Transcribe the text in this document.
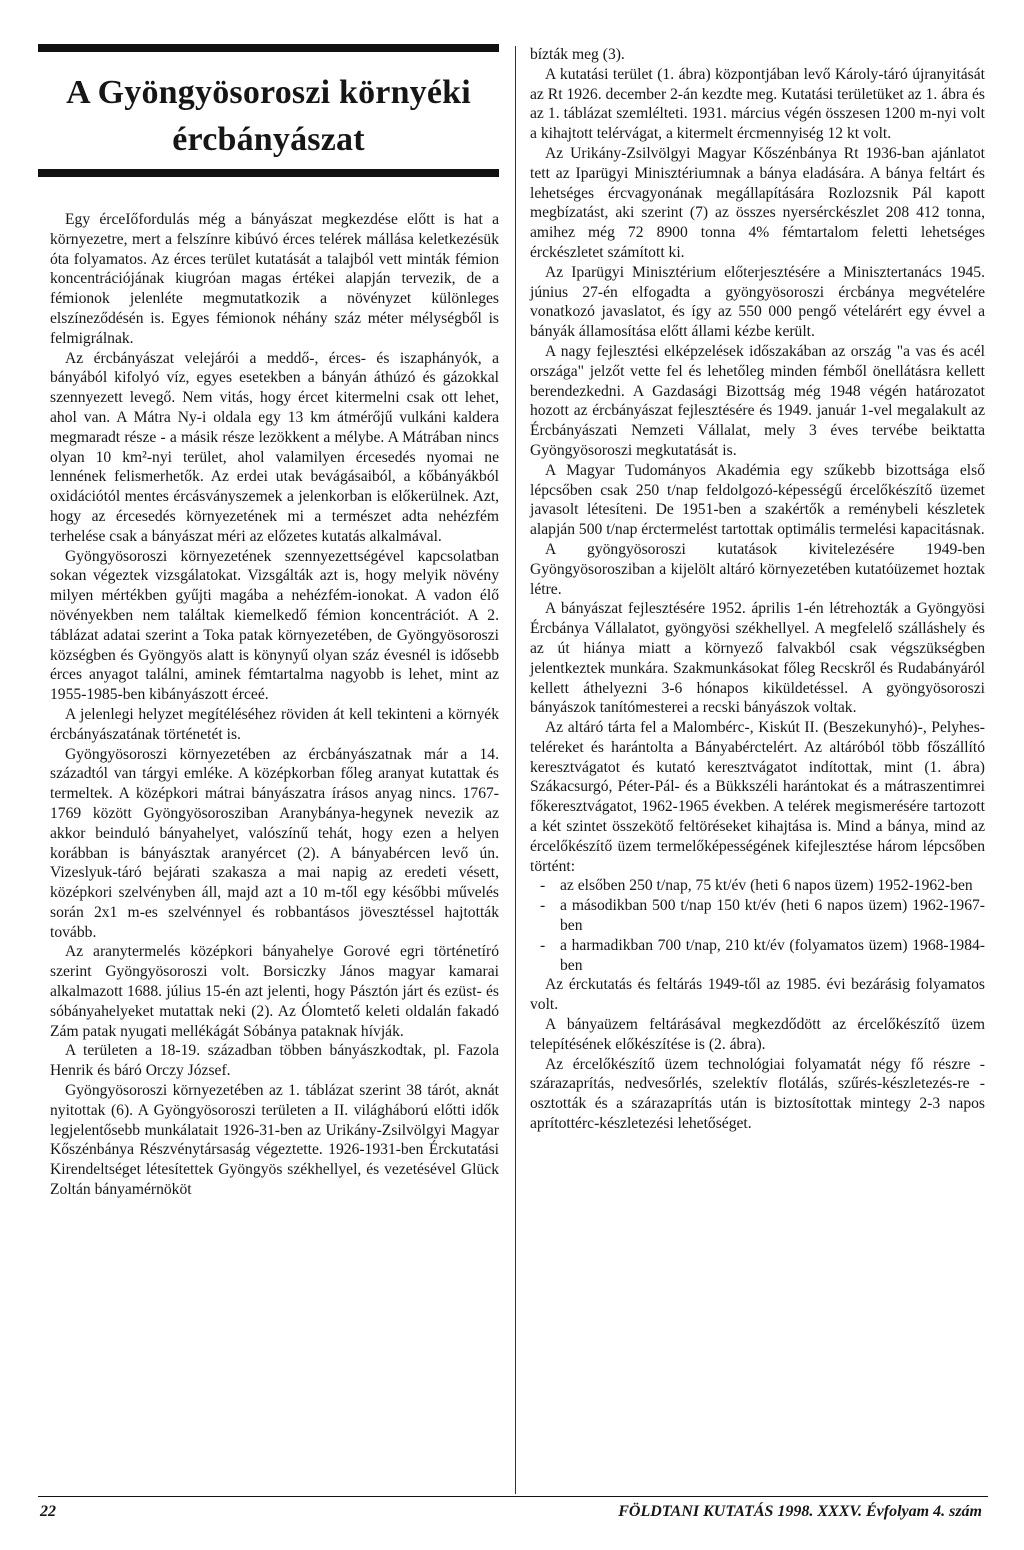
A Gyöngyösoroszi környéki
ércbányászat

Egy érceIőfordulás még a bányászat megkezdése előtt is hat a környezetre, mert a felszínre kibúvó érces telérek mállása keletkezésük óta folyamatos. Az érces terület kutatását a talajból vett minták fémion koncentrációjának kiugróan magas értékei alapján tervezik, de a fémionok jelenléte megmutatkozik a növényzet különleges elszíneződésén is. Egyes fémionok néhány száz méter mélységből is felmigrálnak.

Az ércbányászat velejárói a meddő-, érces- és iszaphányók, a bányából kifolyó víz, egyes esetekben a bányán áthúzó és gázokkal szennyezett levegő. Nem vitás, hogy ércet kitermelni csak ott lehet, ahol van. A Mátra Ny-i oldala egy 13 km átmérőjű vulkáni kaldera megmaradt része - a másik része lezökkent a mélybe. A Mátrában nincs olyan 10 km²-nyi terület, ahol valamilyen ércesedés nyomai ne lennének felismerhetők. Az erdei utak bevágásaiból, a kőbányákból oxidációtól mentes ércásványszemek a jelenkorban is előkerülnek. Azt, hogy az ércesedés környezetének mi a természet adta nehézfém terhelése csak a bányászat méri az előzetes kutatás alkalmával.

Gyöngyösoroszi környezetének szennyezettségével kapcsolatban sokan végeztek vizsgálatokat. Vizsgálták azt is, hogy melyik növény milyen mértékben gyűjti magába a nehézfém-ionokat. A vadon élő növényekben nem találtak kiemelkedő fémion koncentrációt. A 2. táblázat adatai szerint a Toka patak környezetében, de Gyöngyösoroszi községben és Gyöngyös alatt is könynyű olyan száz évesnél is idősebb érces anyagot találni, aminek fémtartalma nagyobb is lehet, mint az 1955-1985-ben kibányászott érceé.

A jelenlegi helyzet megítéléséhez röviden át kell tekinteni a környék ércbányászatának történetét is.

Gyöngyösoroszi környezetében az ércbányászatnak már a 14. századtól van tárgyi emléke. A középkorban főleg aranyat kutattak és termeltek. A középkori mátrai bányászatra írásos anyag nincs. 1767-1769 között Gyöngyösorosziban Aranybánya-hegynek nevezik az akkor beinduló bányahelyet, valószínű tehát, hogy ezen a helyen korábban is bányásztak aranyércet (2). A bányabércen levő ún. Vizeslyuk-táró bejárati szakasza a mai napig az eredeti vésett, középkori szelvényben áll, majd azt a 10 m-től egy későbbi művelés során 2x1 m-es szelvénnyel és robbantásos jövesztéssel hajtották tovább.

Az aranytermelés középkori bányahelye Gorové egri történetíró szerint Gyöngyösoroszi volt. Borsiczky János magyar kamarai alkalmazott 1688. július 15-én azt jelenti, hogy Pásztón járt és ezüst- és sóbányahelyeket mutattak neki (2). Az Ólomtető keleti oldalán fakadó Zám patak nyugati mellékágát Sóbánya pataknak hívják.

A területen a 18-19. században többen bányászkodtak, pl. Fazola Henrik és báró Orczy József.

Gyöngyösoroszi környezetében az 1. táblázat szerint 38 tárót, aknát nyitottak (6). A Gyöngyösoroszi területen a II. világháború előtti idők legjelentősebb munkálatait 1926-31-ben az Urikány-Zsilvölgyi Magyar Kőszénbánya Részvénytársaság végeztette. 1926-1931-ben Érckutatási Kirendeltséget létesítettek Gyöngyös székhellyel, és vezetésével Glück Zoltán bányamérnököt

bízták meg (3).

A kutatási terület (1. ábra) központjában levő Károly-táró újranyitását az Rt 1926. december 2-án kezdte meg. Kutatási területüket az 1. ábra és az 1. táblázat szemlélteti. 1931. március végén összesen 1200 m-nyi volt a kihajtott telérvágat, a kitermelt ércmennyiség 12 kt volt.

Az Urikány-Zsilvölgyi Magyar Kőszénbánya Rt 1936-ban ajánlatot tett az Iparügyi Minisztériumnak a bánya eladására. A bánya feltárt és lehetséges ércvagyonának megállapítására Rozlozsnik Pál kapott megbízatást, aki szerint (7) az összes nyersérckészlet 208 412 tonna, amihez még 72 8900 tonna 4% fémtartalom feletti lehetséges érckészletet számított ki.

Az Iparügyi Minisztérium előterjesztésére a Minisztertanács 1945. június 27-én elfogadta a gyöngyösoroszi ércbánya megvételére vonatkozó javaslatot, és így az 550 000 pengő vételárért egy évvel a bányák államosítása előtt állami kézbe került.

A nagy fejlesztési elképzelések időszakában az ország "a vas és acél országa" jelzőt vette fel és lehetőleg minden fémből önellátásra kellett berendezkedni. A Gazdasági Bizottság még 1948 végén határozatot hozott az ércbányászat fejlesztésére és 1949. január 1-vel megalakult az Ércbányászati Nemzeti Vállalat, mely 3 éves tervébe beiktatta Gyöngyösoroszi megkutatását is.

A Magyar Tudományos Akadémia egy szűkebb bizottsága első lépcsőben csak 250 t/nap feldolgozó-képességű ércelőkészítő üzemet javasolt létesíteni. De 1951-ben a szakértők a reménybeli készletek alapján 500 t/nap érctermelést tartottak optimális termelési kapacitásnak.

A gyöngyösoroszi kutatások kivitelezésére 1949-ben Gyöngyösorosziban a kijelölt altáró környezetében kutatóüzemet hoztak létre.

A bányászat fejlesztésére 1952. április 1-én létrehozták a Gyöngyösi Ércbánya Vállalatot, gyöngyösi székhellyel. A megfelelő szálláshely és az út hiánya miatt a környező falvakból csak végszükségben jelentkeztek munkára. Szakmunkásokat főleg Recskről és Rudabányáról kellett áthelyezni 3-6 hónapos kiküldetéssel. A gyöngyösoroszi bányászok tanítómesterei a recski bányászok voltak.

Az altáró tárta fel a Malombérc-, Kiskút II. (Beszekunyhó)-, Pelyhes-teléreket és harántolta a Bányabérctelért. Az altáróból több főszállító keresztvágatot és kutató keresztvágatot indítottak, mint (1. ábra) Szákacsurgó, Péter-Pál- és a Bükkszéli harántokat és a mátraszentimrei főkeresztvágatot, 1962-1965 években. A telérek megismerésére tartozott a két szintet összekötő feltöréseket kihajtása is. Mind a bánya, mind az ércelőkészítő üzem termelőképességének kifejlesztése három lépcsőben történt:

- az elsőben 250 t/nap, 75 kt/év (heti 6 napos üzem) 1952-1962-ben
- a másodikban 500 t/nap 150 kt/év (heti 6 napos üzem) 1962-1967-ben
- a harmadikban 700 t/nap, 210 kt/év (folyamatos üzem) 1968-1984-ben

Az érckutatás és feltárás 1949-től az 1985. évi bezárásig folyamatos volt.

A bányaüzem feltárásával megkezdődött az ércelőkészítő üzem telepítésének előkészítése is (2. ábra).

Az ércelőkészítő üzem technológiai folyamatát négy fő részre - szárazaprítás, nedvesőrlés, szelektív flotálás, szűrés-készletezés-re - osztották és a szárazaprítás után is biztosítottak mintegy 2-3 napos aprítottérc-készletezési lehetőséget.

22	FÖLDTANI KUTATÁS 1998. XXXV. Évfolyam 4. szám
